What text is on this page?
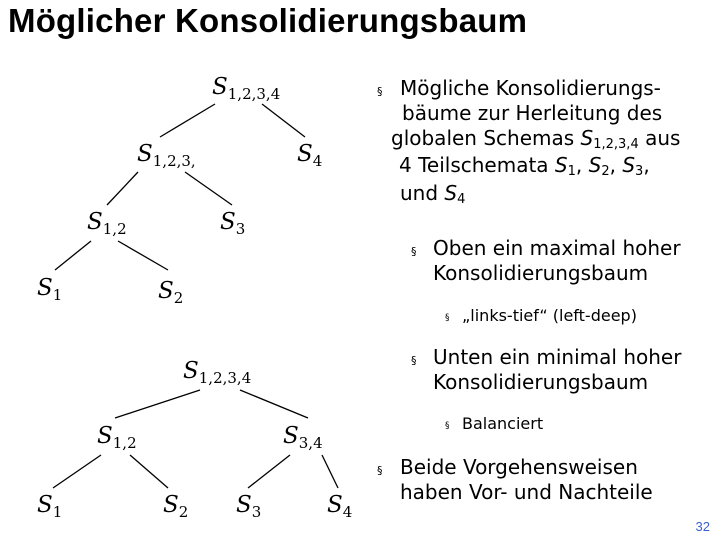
Möglicher Konsolidierungsbaum
$S_{1,2,3,4}$
$S_{1,2,3,}$	$S_4$
$S_{1,2}$	$S_3$
$S_1$	$S_2$
$S_{1,2,3,4}$
$S_{1,2}$	$S_{3,4}$
$S_1$	$S_2$ $S_3$	$S_4$
§ Mögliche Konsolidierungs-
bäume zur Herleitung des
globalen Schemas $S_{1,2,3,4}$ aus
4 Teilschemata $S_1$, $S_2$, $S_3$,
und $S_4$
§ Oben ein maximal hoher
Konsolidierungsbaum
§ „links-tief“ (left-deep)
§ Unten ein minimal hoher
Konsolidierungsbaum
§ Balanciert
§ Beide Vorgehensweisen
haben Vor- und Nachteile
32
